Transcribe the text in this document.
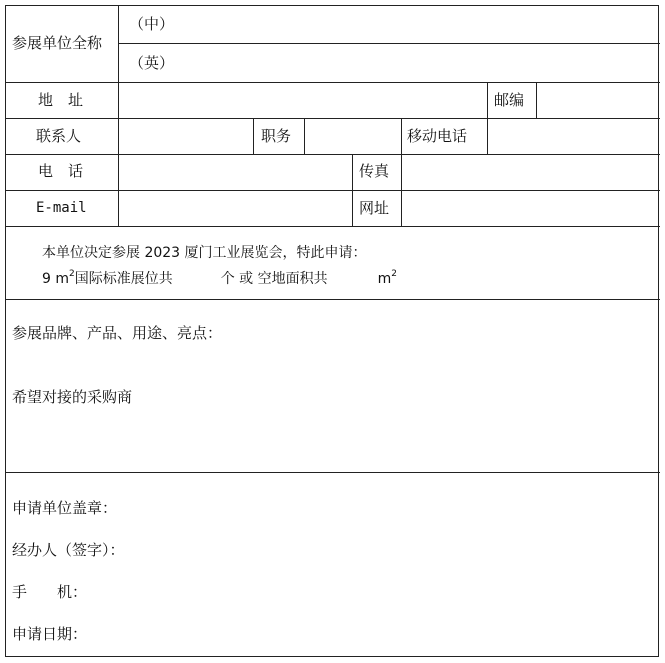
参展单位全称
（中）
（英）
地　址	邮编
联系人	职务	移动电话
电　话	传真
E-mail	网址
本单位决定参展 2023 厦门工业展览会，特此申请：
9 $m^2$国际标准展位共	个 或 空地面积共	$m^2$
参展品牌、产品、用途、亮点：
希望对接的采购商
申请单位盖章：
经办人（签字）：
手　　机：
申请日期：
